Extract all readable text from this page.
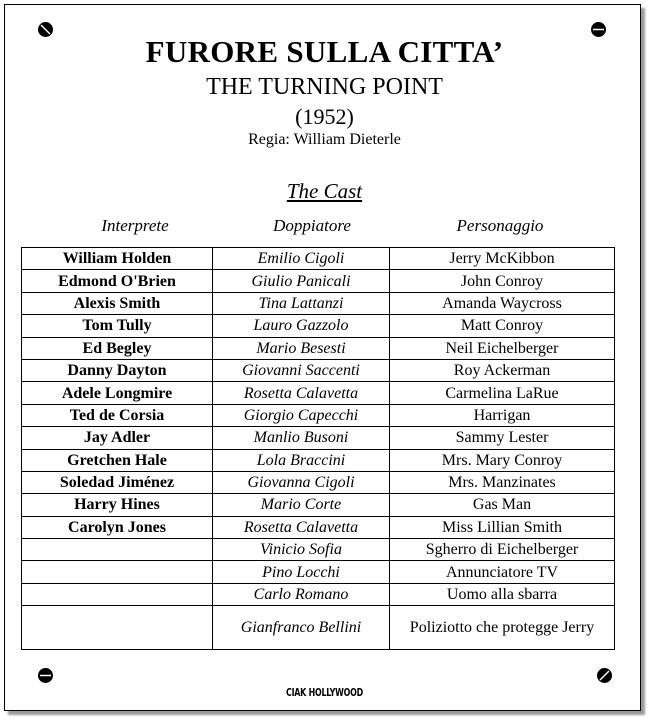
FURORE SULLA CITTA’
THE TURNING POINT
(1952)
Regia: William Dieterle
The Cast
Interprete	Doppiatore	Personaggio
William Holden	Emilio Cigoli	Jerry McKibbon
Edmond O'Brien	Giulio Panicali	John Conroy
Alexis Smith	Tina Lattanzi	Amanda Waycross
Tom Tully	Lauro Gazzolo	Matt Conroy
Ed Begley	Mario Besesti	Neil Eichelberger
Danny Dayton	Giovanni Saccenti	Roy Ackerman
Adele Longmire	Rosetta Calavetta	Carmelina LaRue
Ted de Corsia	Giorgio Capecchi	Harrigan
Jay Adler	Manlio Busoni	Sammy Lester
Gretchen Hale	Lola Braccini	Mrs. Mary Conroy
Soledad Jiménez	Giovanna Cigoli	Mrs. Manzinates
Harry Hines	Mario Corte	Gas Man
Carolyn Jones	Rosetta Calavetta	Miss Lillian Smith
	Vinicio Sofia	Sgherro di Eichelberger
	Pino Locchi	Annunciatore TV
	Carlo Romano	Uomo alla sbarra
	Gianfranco Bellini	Poliziotto che protegge Jerry
CIAK HOLLYWOOD
